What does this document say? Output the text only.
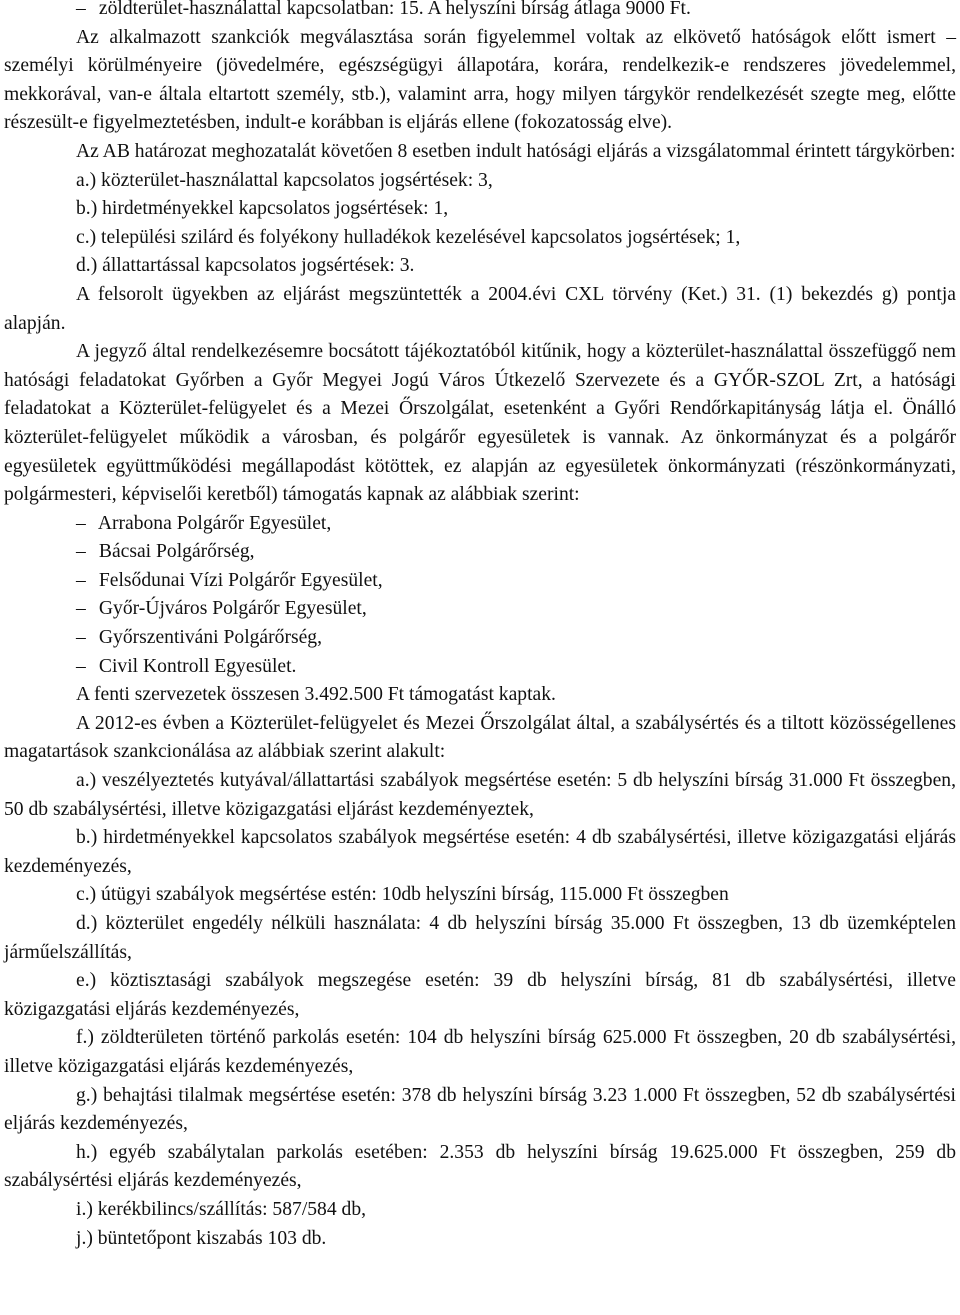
– zöldterület-használattal kapcsolatban: 15. A helyszíni bírság átlaga 9000 Ft.

Az alkalmazott szankciók megválasztása során figyelemmel voltak az elkövető hatóságok előtt ismert – személyi körülményeire (jövedelmére, egészségügyi állapotára, korára, rendelkezik-e rendszeres jövedelemmel, mekkorával, van-e általa eltartott személy, stb.), valamint arra, hogy milyen tárgykör rendelkezését szegte meg, előtte részesült-e figyelmeztetésben, indult-e korábban is eljárás ellene (fokozatosság elve).

Az AB határozat meghozatalát követően 8 esetben indult hatósági eljárás a vizsgálatommal érintett tárgykörben:

a.) közterület-használattal kapcsolatos jogsértések: 3,

b.) hirdetményekkel kapcsolatos jogsértések: 1,

c.) települési szilárd és folyékony hulladékok kezelésével kapcsolatos jogsértések; 1,

d.) állattartással kapcsolatos jogsértések: 3.

A felsorolt ügyekben az eljárást megszüntették a 2004.évi CXL törvény (Ket.) 31. (1) bekezdés g) pontja alapján.

A jegyző által rendelkezésemre bocsátott tájékoztatóból kitűnik, hogy a közterület-használattal összefüggő nem hatósági feladatokat Győrben a Győr Megyei Jogú Város Útkezelő Szervezete és a GYŐR-SZOL Zrt, a hatósági feladatokat a Közterület-felügyelet és a Mezei Őrszolgálat, esetenként a Győri Rendőrkapitányság látja el. Önálló közterület-felügyelet működik a városban, és polgárőr egyesületek is vannak. Az önkormányzat és a polgárőr egyesületek együttműködési megállapodást kötöttek, ez alapján az egyesületek önkormányzati (részönkormányzati, polgármesteri, képviselői keretből) támogatás kapnak az alábbiak szerint:

– Arrabona Polgárőr Egyesület,

– Bácsai Polgárőrség,

– Felsődunai Vízi Polgárőr Egyesület,

– Győr-Újváros Polgárőr Egyesület,

– Győrszentiváni Polgárőrség,

– Civil Kontroll Egyesület.

A fenti szervezetek összesen 3.492.500 Ft támogatást kaptak.

A 2012-es évben a Közterület-felügyelet és Mezei Őrszolgálat által, a szabálysértés és a tiltott közösségellenes magatartások szankcionálása az alábbiak szerint alakult:

a.) veszélyeztetés kutyával/állattartási szabályok megsértése esetén: 5 db helyszíni bírság 31.000 Ft összegben, 50 db szabálysértési, illetve közigazgatási eljárást kezdeményeztek,

b.) hirdetményekkel kapcsolatos szabályok megsértése esetén: 4 db szabálysértési, illetve közigazgatási eljárás kezdeményezés,

c.) útügyi szabályok megsértése estén: 10db helyszíni bírság, 115.000 Ft összegben

d.) közterület engedély nélküli használata: 4 db helyszíni bírság 35.000 Ft összegben, 13 db üzemképtelen járműelszállítás,

e.) köztisztasági szabályok megszegése esetén: 39 db helyszíni bírság, 81 db szabálysértési, illetve közigazgatási eljárás kezdeményezés,

f.) zöldterületen történő parkolás esetén: 104 db helyszíni bírság 625.000 Ft összegben, 20 db szabálysértési, illetve közigazgatási eljárás kezdeményezés,

g.) behajtási tilalmak megsértése esetén: 378 db helyszíni bírság 3.23 1.000 Ft összegben, 52 db szabálysértési eljárás kezdeményezés,

h.) egyéb szabálytalan parkolás esetében: 2.353 db helyszíni bírság 19.625.000 Ft összegben, 259 db szabálysértési eljárás kezdeményezés,

i.) kerékbilincs/szállítás: 587/584 db,

j.) büntetőpont kiszabás 103 db.
